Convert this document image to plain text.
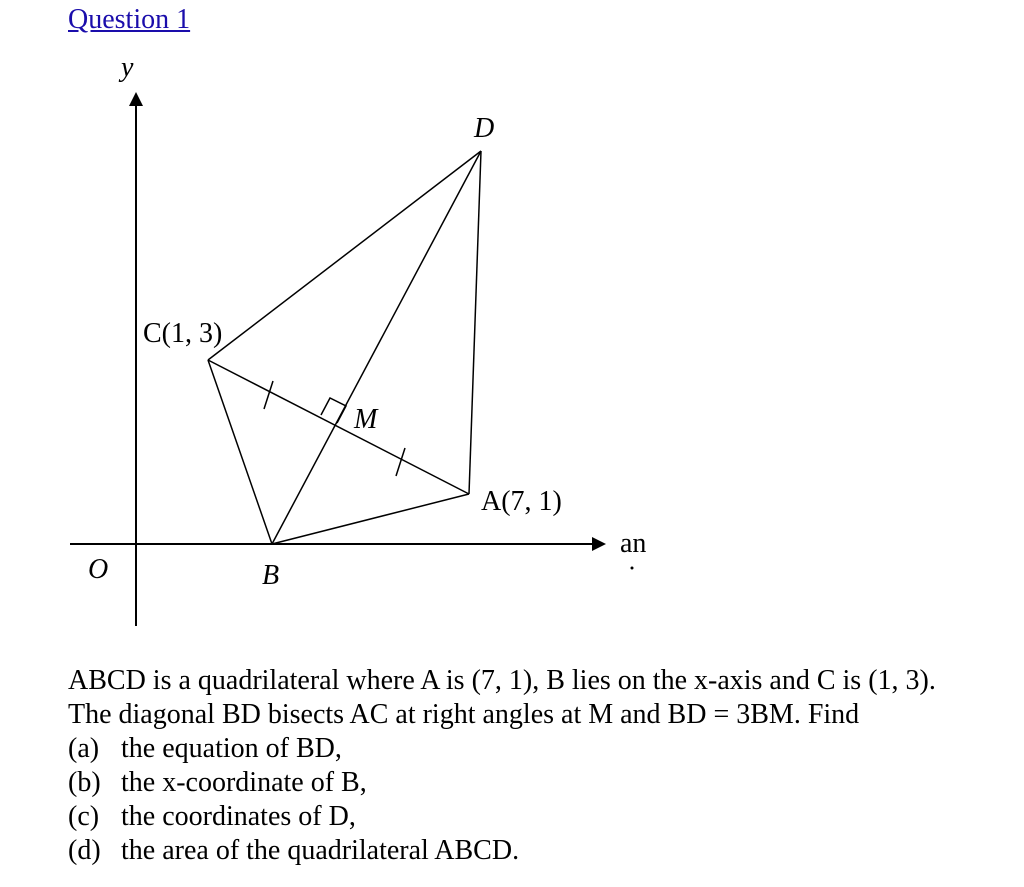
Question 1
y
an
O
D
C(1, 3)
M
A(7, 1)
B

ABCD is a quadrilateral where A is (7, 1), B lies on the x-axis and C is (1, 3).

The diagonal BD bisects AC at right angles at M and BD = 3BM. Find

(a) the equation of BD,
(b) the x-coordinate of B,
(c) the coordinates of D,
(d) the area of the quadrilateral ABCD.
